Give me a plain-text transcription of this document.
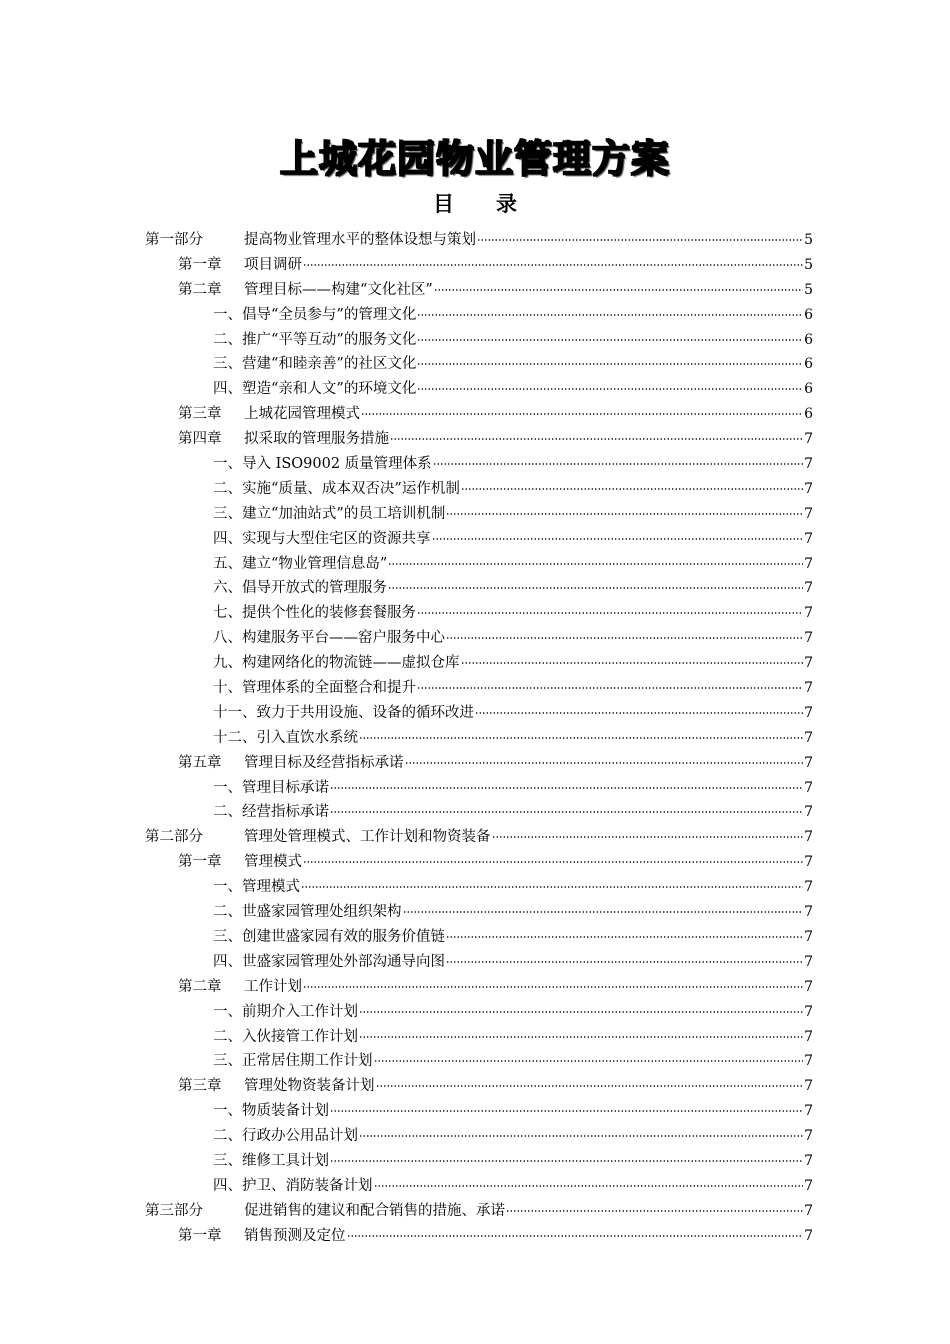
上城花园物业管理方案
目 录
第一部分	提高物业管理水平的整体设想与策划	5
第一章	项目调研	5
第二章	管理目标——构建“文化社区”	5
一、倡导“全员参与”的管理文化	6
二、推广“平等互动”的服务文化	6
三、营建“和睦亲善”的社区文化	6
四、塑造“亲和人文”的环境文化	6
第三章	上城花园管理模式	6
第四章	拟采取的管理服务措施	7
一、导入 ISO9002 质量管理体系	7
二、实施“质量、成本双否决”运作机制	7
三、建立“加油站式”的员工培训机制	7
四、实现与大型住宅区的资源共享	7
五、建立“物业管理信息岛”	7
六、倡导开放式的管理服务	7
七、提供个性化的装修套餐服务	7
八、构建服务平台——窑户服务中心	7
九、构建网络化的物流链——虚拟仓库	7
十、管理体系的全面整合和提升	7
十一、致力于共用设施、设备的循环改进	7
十二、引入直饮水系统	7
第五章	管理目标及经营指标承诺	7
一、管理目标承诺	7
二、经营指标承诺	7
第二部分	管理处管理模式、工作计划和物资装备	7
第一章	管理模式	7
一、管理模式	7
二、世盛家园管理处组织架构	7
三、创建世盛家园有效的服务价值链	7
四、世盛家园管理处外部沟通导向图	7
第二章	工作计划	7
一、前期介入工作计划	7
二、入伙接管工作计划	7
三、正常居住期工作计划	7
第三章	管理处物资装备计划	7
一、物质装备计划	7
二、行政办公用品计划	7
三、维修工具计划	7
四、护卫、消防装备计划	7
第三部分	促进销售的建议和配合销售的措施、承诺	7
第一章	销售预测及定位	7
